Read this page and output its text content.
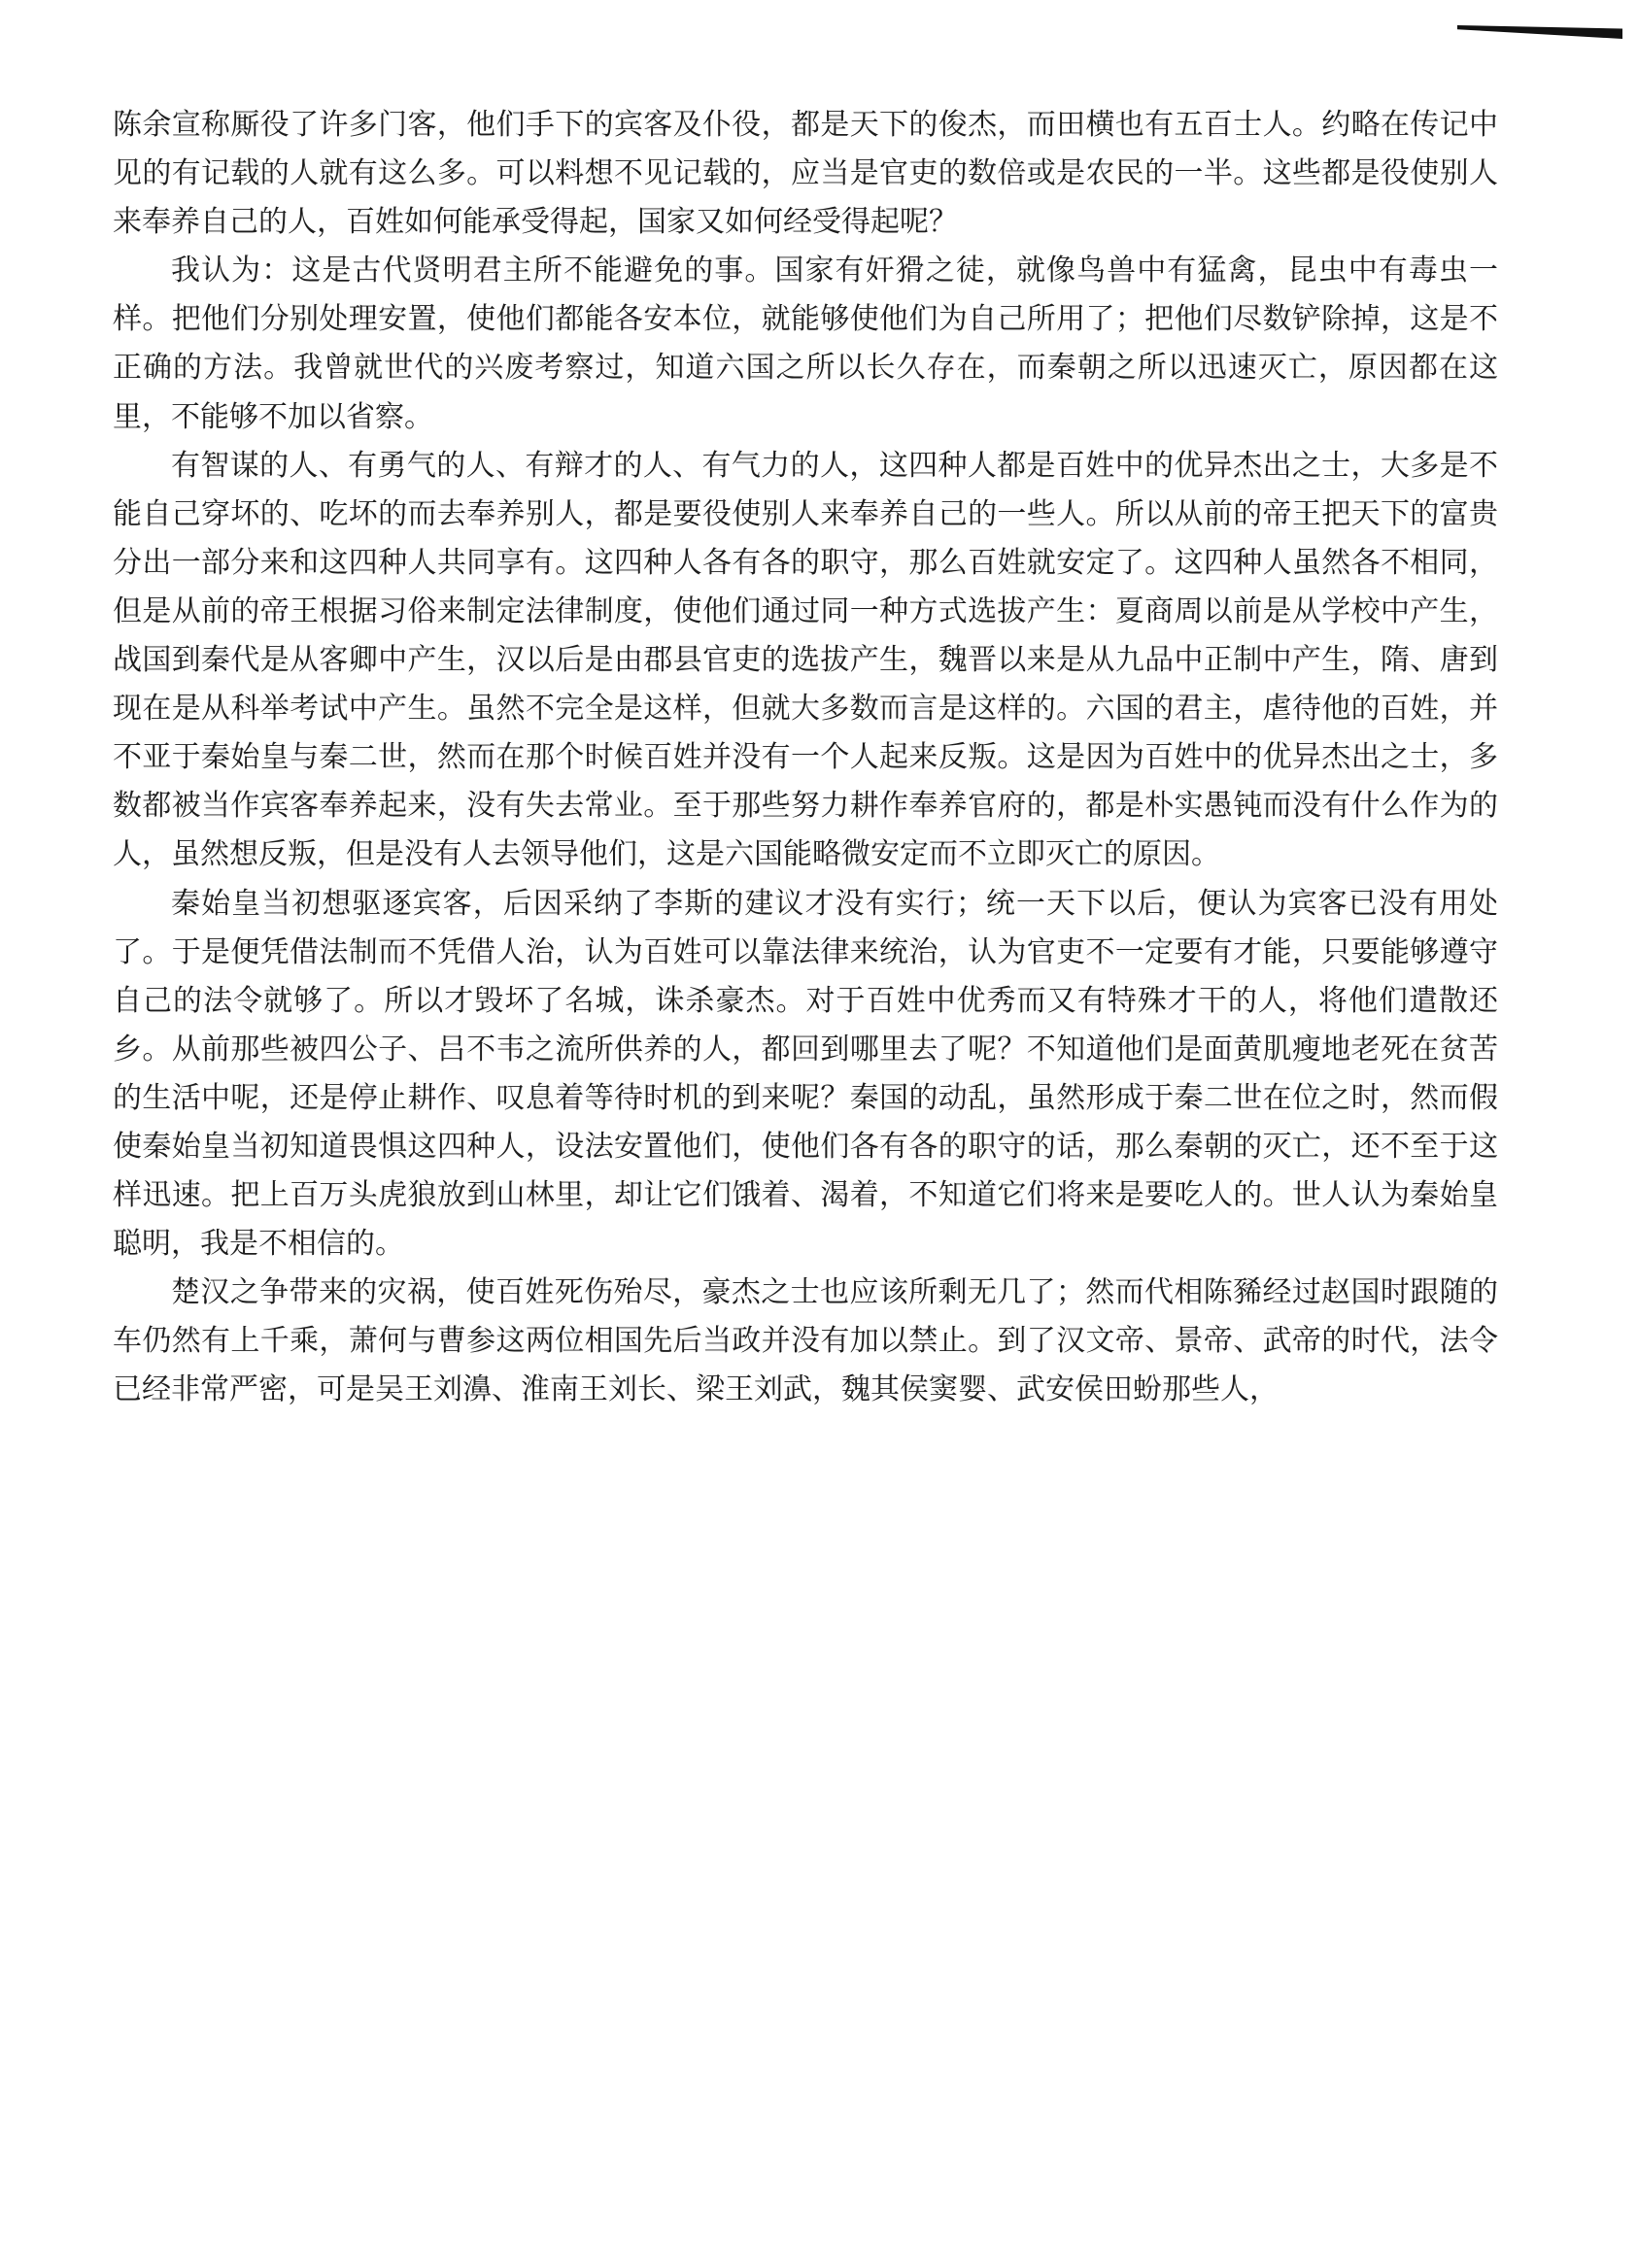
陈余宣称厮役了许多门客，他们手下的宾客及仆役，都是天下的俊杰，而田横也有五百士人。约略在传记中见的有记载的人就有这么多。可以料想不见记载的，应当是官吏的数倍或是农民的一半。这些都是役使别人来奉养自己的人，百姓如何能承受得起，国家又如何经受得起呢？

我认为：这是古代贤明君主所不能避免的事。国家有奸猾之徒，就像鸟兽中有猛禽，昆虫中有毒虫一样。把他们分别处理安置，使他们都能各安本位，就能够使他们为自己所用了；把他们尽数铲除掉，这是不正确的方法。我曾就世代的兴废考察过，知道六国之所以长久存在，而秦朝之所以迅速灭亡，原因都在这里，不能够不加以省察。

有智谋的人、有勇气的人、有辩才的人、有气力的人，这四种人都是百姓中的优异杰出之士，大多是不能自己穿坏的、吃坏的而去奉养别人，都是要役使别人来奉养自己的一些人。所以从前的帝王把天下的富贵分出一部分来和这四种人共同享有。这四种人各有各的职守，那么百姓就安定了。这四种人虽然各不相同，但是从前的帝王根据习俗来制定法律制度，使他们通过同一种方式选拔产生：夏商周以前是从学校中产生，战国到秦代是从客卿中产生，汉以后是由郡县官吏的选拔产生，魏晋以来是从九品中正制中产生，隋、唐到现在是从科举考试中产生。虽然不完全是这样，但就大多数而言是这样的。六国的君主，虐待他的百姓，并不亚于秦始皇与秦二世，然而在那个时候百姓并没有一个人起来反叛。这是因为百姓中的优异杰出之士，多数都被当作宾客奉养起来，没有失去常业。至于那些努力耕作奉养官府的，都是朴实愚钝而没有什么作为的人，虽然想反叛，但是没有人去领导他们，这是六国能略微安定而不立即灭亡的原因。

秦始皇当初想驱逐宾客，后因采纳了李斯的建议才没有实行；统一天下以后，便认为宾客已没有用处了。于是便凭借法制而不凭借人治，认为百姓可以靠法律来统治，认为官吏不一定要有才能，只要能够遵守自己的法令就够了。所以才毁坏了名城，诛杀豪杰。对于百姓中优秀而又有特殊才干的人，将他们遣散还乡。从前那些被四公子、吕不韦之流所供养的人，都回到哪里去了呢？不知道他们是面黄肌瘦地老死在贫苦的生活中呢，还是停止耕作、叹息着等待时机的到来呢？秦国的动乱，虽然形成于秦二世在位之时，然而假使秦始皇当初知道畏惧这四种人，设法安置他们，使他们各有各的职守的话，那么秦朝的灭亡，还不至于这样迅速。把上百万头虎狼放到山林里，却让它们饿着、渴着，不知道它们将来是要吃人的。世人认为秦始皇聪明，我是不相信的。

楚汉之争带来的灾祸，使百姓死伤殆尽，豪杰之士也应该所剩无几了；然而代相陈豨经过赵国时跟随的车仍然有上千乘，萧何与曹参这两位相国先后当政并没有加以禁止。到了汉文帝、景帝、武帝的时代，法令已经非常严密，可是吴王刘濞、淮南王刘长、梁王刘武，魏其侯窦婴、武安侯田蚡那些人，
